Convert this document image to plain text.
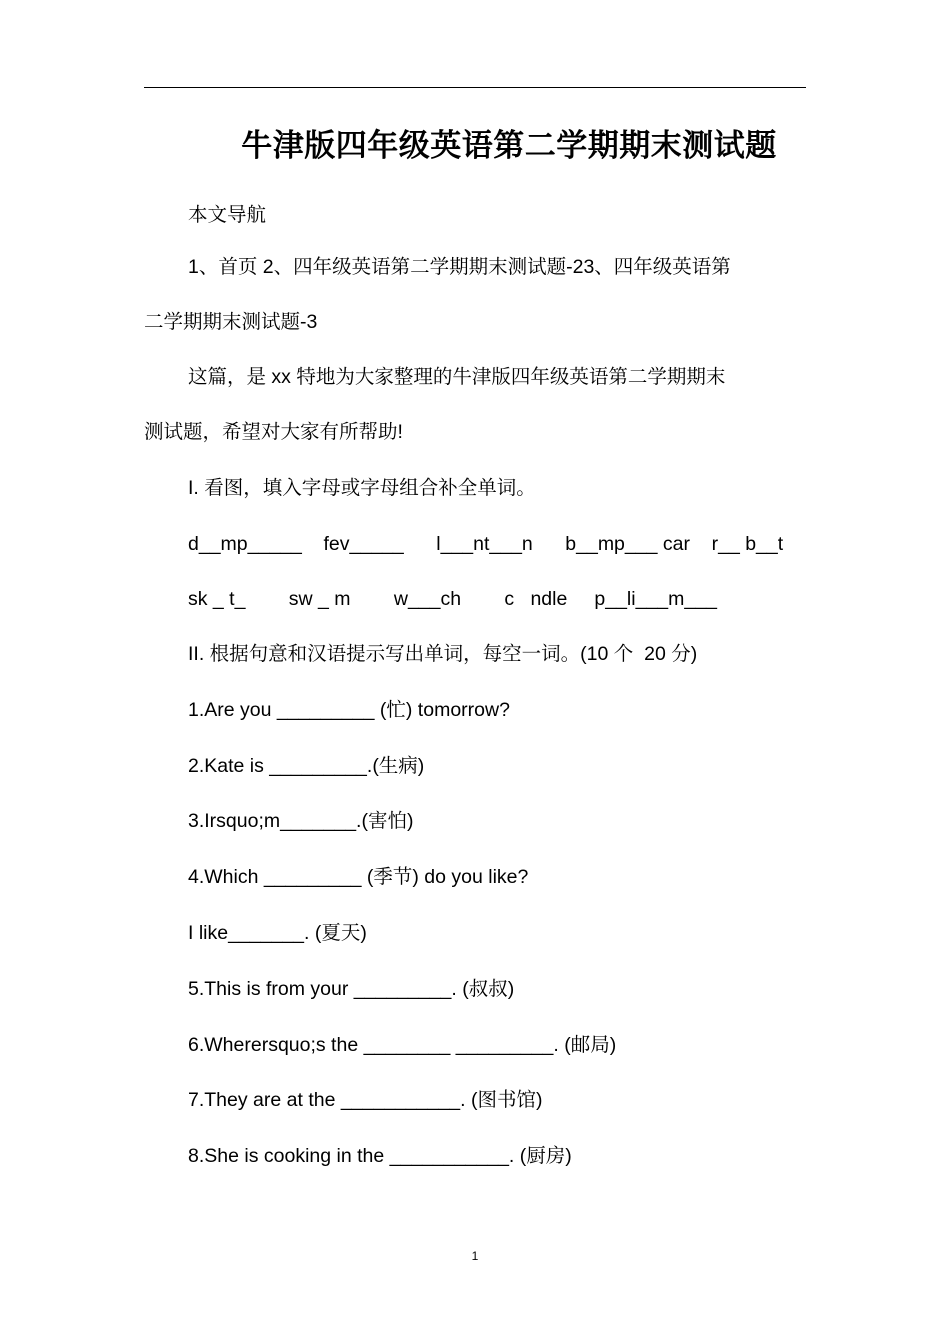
牛津版四年级英语第二学期期末测试题

本文导航

1、首页 2、四年级英语第二学期期末测试题-23、四年级英语第

二学期期末测试题-3

这篇，是 xx 特地为大家整理的牛津版四年级英语第二学期期末

测试题，希望对大家有所帮助!

I. 看图，填入字母或字母组合补全单词。

d__mp_____    fev_____      l___nt___n      b__mp___ car    r__ b__t

sk _ t_        sw _ m        w___ch        c   ndle     p__li___m___

II. 根据句意和汉语提示写出单词，每空一词。(10 个  20 分)

1.Are you _________ (忙) tomorrow?

2.Kate is _________.(生病)

3.Irsquo;m_______.(害怕)

4.Which _________ (季节) do you like?

I like_______. (夏天)

5.This is from your _________. (叔叔)

6.Wherersquo;s the ________ _________. (邮局)

7.They are at the ___________. (图书馆)

8.She is cooking in the ___________. (厨房)

1
